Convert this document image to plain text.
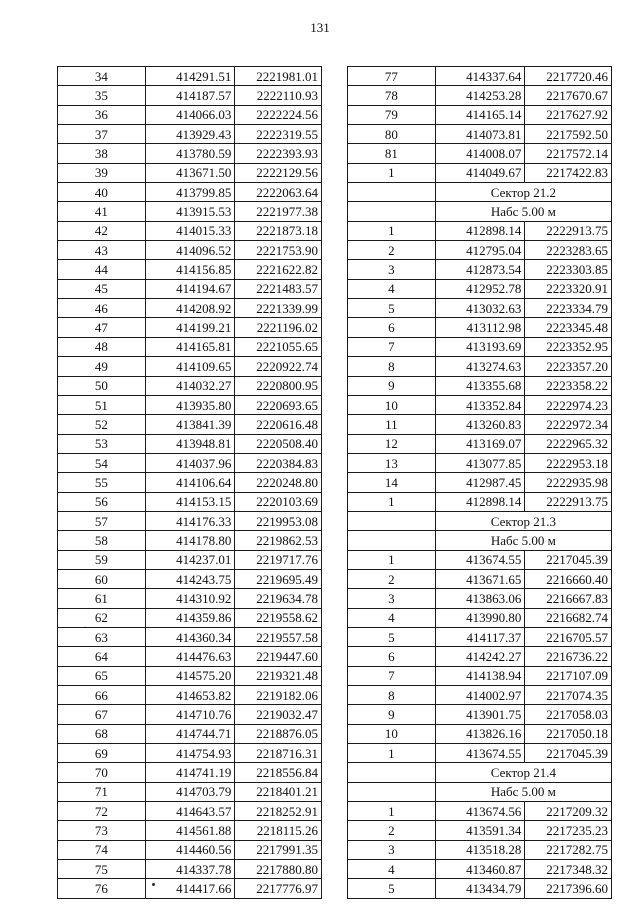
131
34	414291.51	2221981.01
35	414187.57	2222110.93
36	414066.03	2222224.56
37	413929.43	2222319.55
38	413780.59	2222393.93
39	413671.50	2222129.56
40	413799.85	2222063.64
41	413915.53	2221977.38
42	414015.33	2221873.18
43	414096.52	2221753.90
44	414156.85	2221622.82
45	414194.67	2221483.57
46	414208.92	2221339.99
47	414199.21	2221196.02
48	414165.81	2221055.65
49	414109.65	2220922.74
50	414032.27	2220800.95
51	413935.80	2220693.65
52	413841.39	2220616.48
53	413948.81	2220508.40
54	414037.96	2220384.83
55	414106.64	2220248.80
56	414153.15	2220103.69
57	414176.33	2219953.08
58	414178.80	2219862.53
59	414237.01	2219717.76
60	414243.75	2219695.49
61	414310.92	2219634.78
62	414359.86	2219558.62
63	414360.34	2219557.58
64	414476.63	2219447.60
65	414575.20	2219321.48
66	414653.82	2219182.06
67	414710.76	2219032.47
68	414744.71	2218876.05
69	414754.93	2218716.31
70	414741.19	2218556.84
71	414703.79	2218401.21
72	414643.57	2218252.91
73	414561.88	2218115.26
74	414460.56	2217991.35
75	414337.78	2217880.80
76	414417.66	2217776.97
77	414337.64	2217720.46
78	414253.28	2217670.67
79	414165.14	2217627.92
80	414073.81	2217592.50
81	414008.07	2217572.14
1	414049.67	2217422.83
	Сектор 21.2	
	Набс 5.00 м	
1	412898.14	2222913.75
2	412795.04	2223283.65
3	412873.54	2223303.85
4	412952.78	2223320.91
5	413032.63	2223334.79
6	413112.98	2223345.48
7	413193.69	2223352.95
8	413274.63	2223357.20
9	413355.68	2223358.22
10	413352.84	2222974.23
11	413260.83	2222972.34
12	413169.07	2222965.32
13	413077.85	2222953.18
14	412987.45	2222935.98
1	412898.14	2222913.75
	Сектор 21.3	
	Набс 5.00 м	
1	413674.55	2217045.39
2	413671.65	2216660.40
3	413863.06	2216667.83
4	413990.80	2216682.74
5	414117.37	2216705.57
6	414242.27	2216736.22
7	414138.94	2217107.09
8	414002.97	2217074.35
9	413901.75	2217058.03
10	413826.16	2217050.18
1	413674.55	2217045.39
	Сектор 21.4	
	Набс 5.00 м	
1	413674.56	2217209.32
2	413591.34	2217235.23
3	413518.28	2217282.75
4	413460.87	2217348.32
5	413434.79	2217396.60
.
